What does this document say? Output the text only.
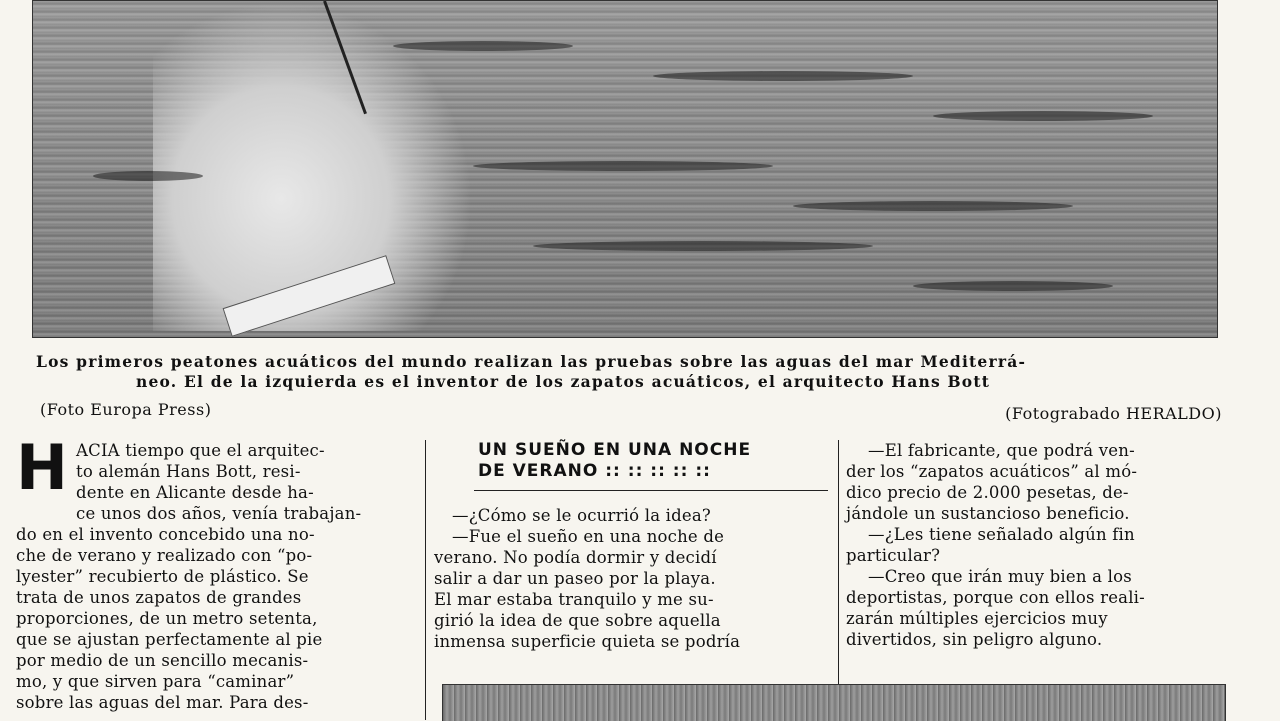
Los primeros peatones acuáticos del mundo realizan las pruebas sobre las aguas del mar Mediterrá-
neo. El de la izquierda es el inventor de los zapatos acuáticos, el arquitecto Hans Bott

(Foto Europa Press)	(Fotograbado HERALDO)
H ACIA tiempo que el arquitec-
to alemán Hans Bott, resi-
dente en Alicante desde ha-
ce unos dos años, venía trabajan-
do en el invento concebido una no-
che de verano y realizado con “po-
lyester” recubierto de plástico. Se
trata de unos zapatos de grandes
proporciones, de un metro setenta,
que se ajustan perfectamente al pie
por medio de un sencillo mecanis-
mo, y que sirven para “caminar”
sobre las aguas del mar. Para des-
UN SUEÑO EN UNA NOCHE
DE VERANO :: :: :: :: ::
—¿Cómo se le ocurrió la idea?
—Fue el sueño en una noche de
verano. No podía dormir y decidí
salir a dar un paseo por la playa.
El mar estaba tranquilo y me su-
girió la idea de que sobre aquella
inmensa superficie quieta se podría
—El fabricante, que podrá ven-
der los “zapatos acuáticos” al mó-
dico precio de 2.000 pesetas, de-
jándole un sustancioso beneficio.
—¿Les tiene señalado algún fin
particular?
—Creo que irán muy bien a los
deportistas, porque con ellos reali-
zarán múltiples ejercicios muy
divertidos, sin peligro alguno.
